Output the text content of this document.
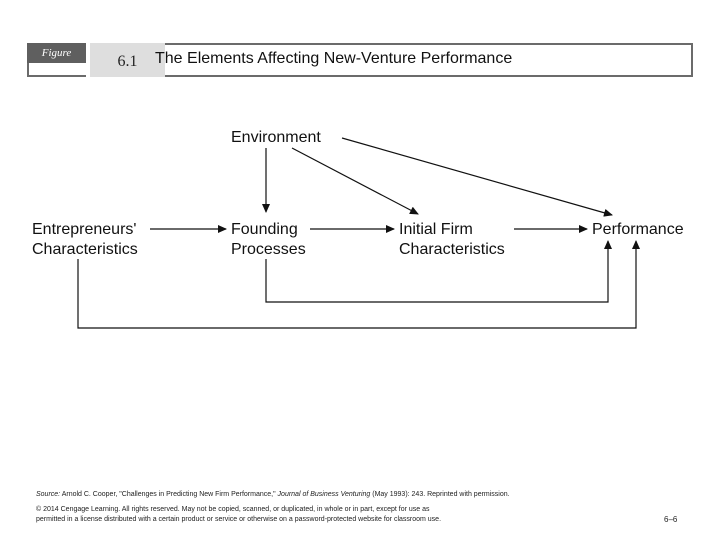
Figure	6.1	The Elements Affecting New-Venture Performance
Environment
Entrepreneurs'
Characteristics
Founding
Processes
Initial Firm
Characteristics
Performance
Source: Arnold C. Cooper, "Challenges in Predicting New Firm Performance," Journal of Business Venturing (May 1993): 243. Reprinted with permission.
© 2014 Cengage Learning. All rights reserved. May not be copied, scanned, or duplicated, in whole or in part, except for use as
permitted in a license distributed with a certain product or service or otherwise on a password-protected website for classroom use.	6–6
